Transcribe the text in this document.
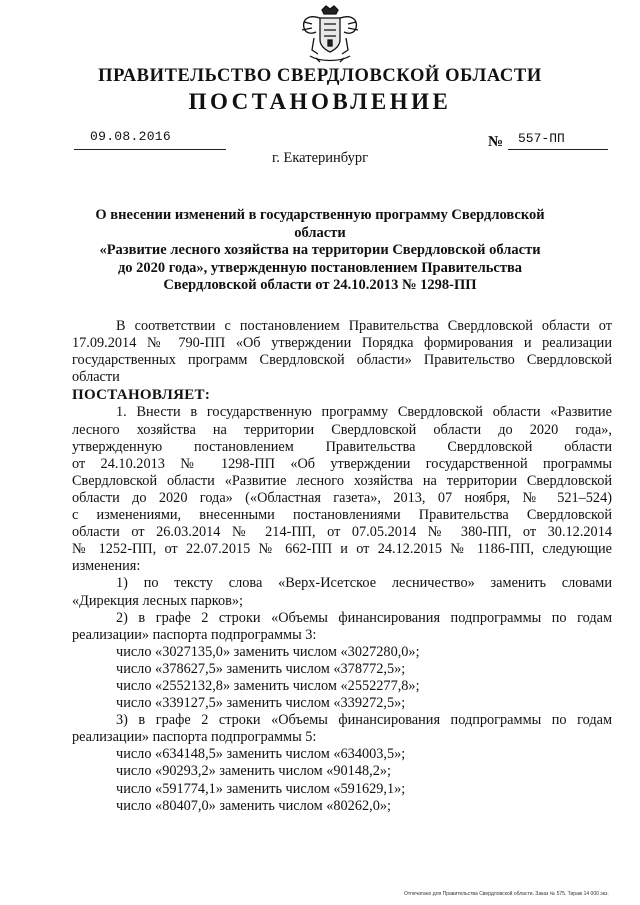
ПРАВИТЕЛЬСТВО СВЕРДЛОВСКОЙ ОБЛАСТИ
ПОСТАНОВЛЕНИЕ
09.08.2016	№ 557-ПП
г. Екатеринбург
О внесении изменений в государственную программу Свердловской области
«Развитие лесного хозяйства на территории Свердловской области
до 2020 года», утвержденную постановлением Правительства
Свердловской области от 24.10.2013 № 1298-ПП

В соответствии с постановлением Правительства Свердловской области от 17.09.2014 № 790-ПП «Об утверждении Порядка формирования и реализации государственных программ Свердловской области» Правительство Свердловской области

ПОСТАНОВЛЯЕТ:

1. Внести в государственную программу Свердловской области «Развитие

лесного хозяйства на территории Свердловской области до 2020 года»,

утвержденную постановлением Правительства Свердловской области

от 24.10.2013 № 1298-ПП «Об утверждении государственной программы

Свердловской области «Развитие лесного хозяйства на территории Свердловской

области до 2020 года» («Областная газета», 2013, 07 ноября, № 521–524)

с изменениями, внесенными постановлениями Правительства Свердловской

области от 26.03.2014 № 214-ПП, от 07.05.2014 № 380-ПП, от 30.12.2014

№ 1252-ПП, от 22.07.2015 № 662-ПП и от 24.12.2015 № 1186-ПП, следующие

изменения:

1) по тексту слова «Верх-Исетское лесничество» заменить словами

«Дирекция лесных парков»;

2) в графе 2 строки «Объемы финансирования подпрограммы по годам

реализации» паспорта подпрограммы 3:

число «3027135,0» заменить числом «3027280,0»;

число «378627,5» заменить числом «378772,5»;

число «2552132,8» заменить числом «2552277,8»;

число «339127,5» заменить числом «339272,5»;

3) в графе 2 строки «Объемы финансирования подпрограммы по годам

реализации» паспорта подпрограммы 5:

число «634148,5» заменить числом «634003,5»;

число «90293,2» заменить числом «90148,2»;

число «591774,1» заменить числом «591629,1»;

число «80407,0» заменить числом «80262,0»;

Отпечатано для Правительства Свердловской области. Заказ № 575. Тираж 14 000 экз.
